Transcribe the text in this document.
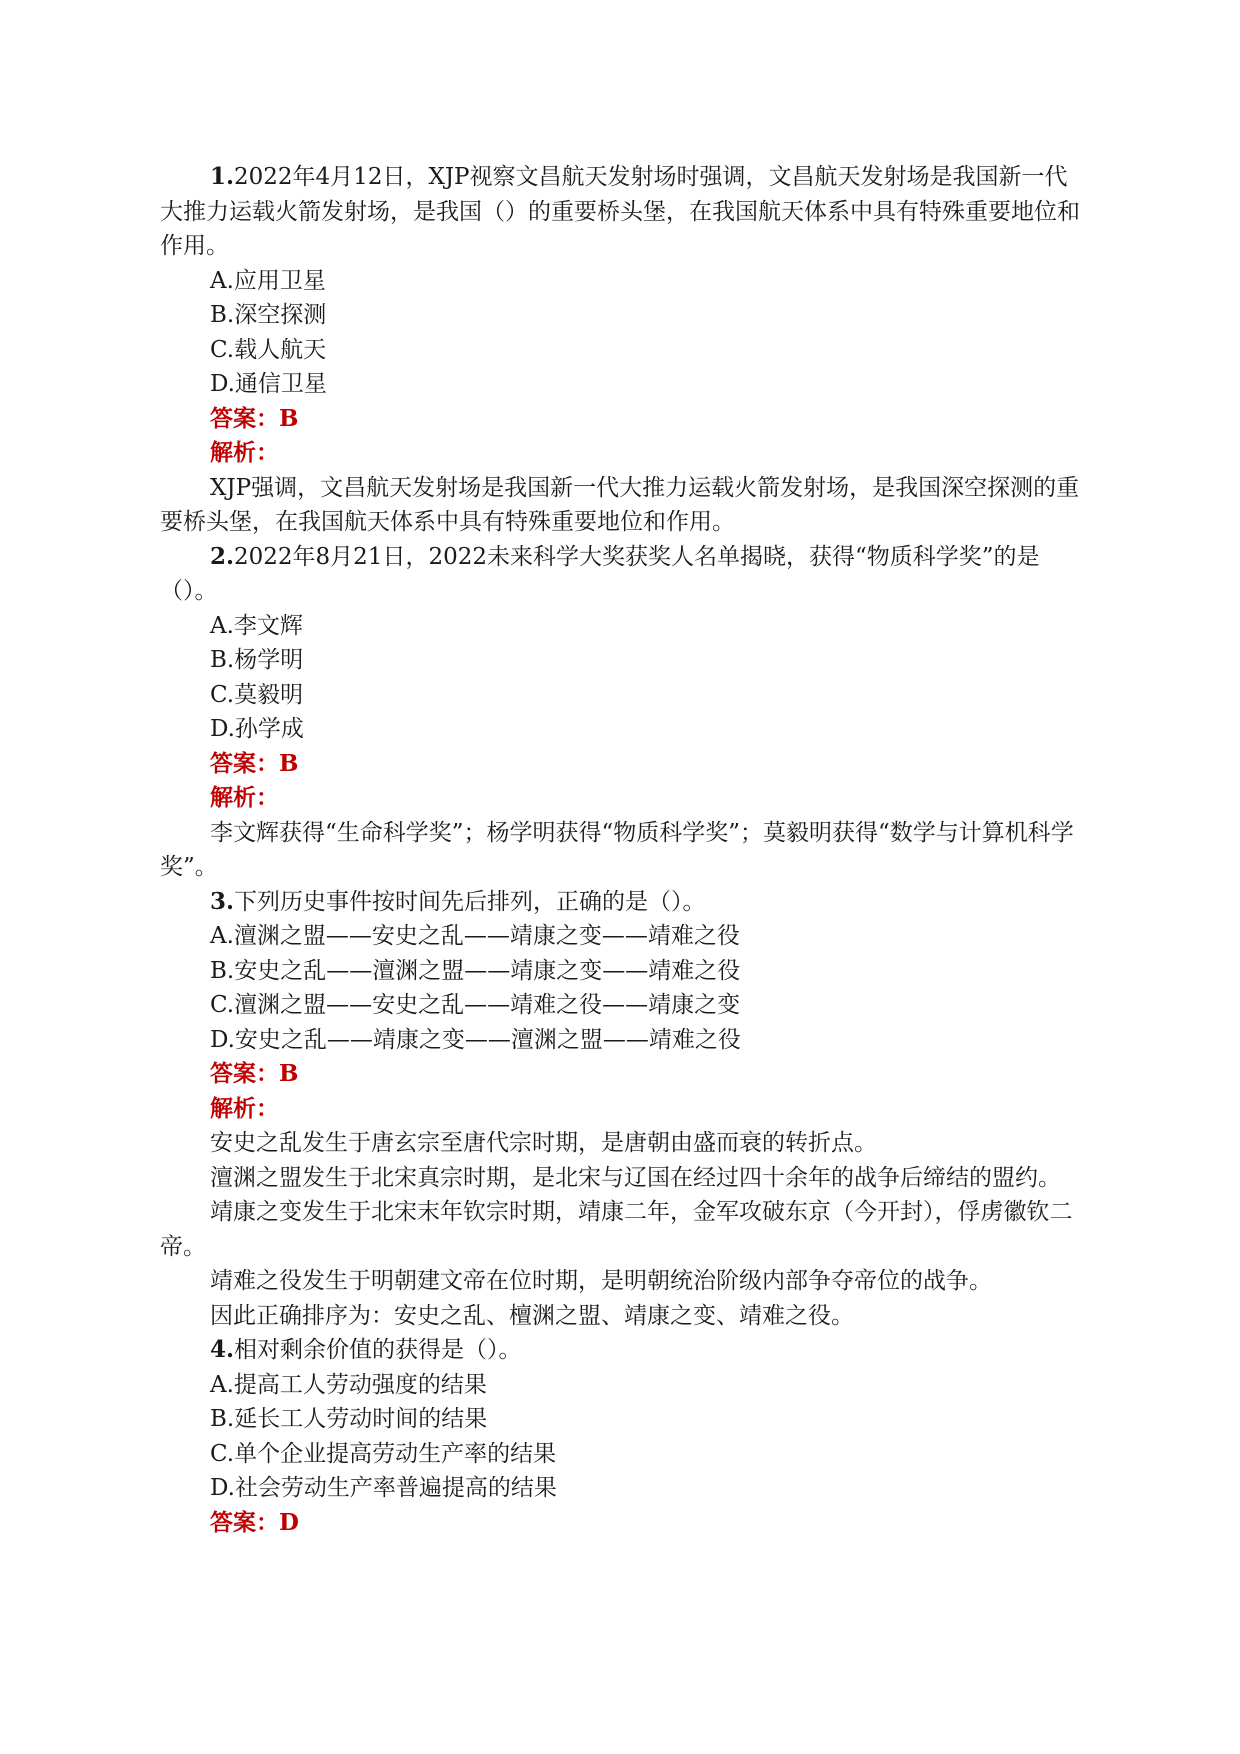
1.2022年4月12日，XJP视察文昌航天发射场时强调，文昌航天发射场是我国新一代大推力运载火箭发射场，是我国（）的重要桥头堡，在我国航天体系中具有特殊重要地位和作用。

A.应用卫星

B.深空探测

C.载人航天

D.通信卫星

答案：B

解析：

XJP强调，文昌航天发射场是我国新一代大推力运载火箭发射场，是我国深空探测的重要桥头堡，在我国航天体系中具有特殊重要地位和作用。

2.2022年8月21日，2022未来科学大奖获奖人名单揭晓，获得“物质科学奖”的是（）。

A.李文辉

B.杨学明

C.莫毅明

D.孙学成

答案：B

解析：

李文辉获得“生命科学奖”；杨学明获得“物质科学奖”；莫毅明获得“数学与计算机科学奖”。

3.下列历史事件按时间先后排列，正确的是（）。

A.澶渊之盟——安史之乱——靖康之变——靖难之役

B.安史之乱——澶渊之盟——靖康之变——靖难之役

C.澶渊之盟——安史之乱——靖难之役——靖康之变

D.安史之乱——靖康之变——澶渊之盟——靖难之役

答案：B

解析：

安史之乱发生于唐玄宗至唐代宗时期，是唐朝由盛而衰的转折点。

澶渊之盟发生于北宋真宗时期，是北宋与辽国在经过四十余年的战争后缔结的盟约。

靖康之变发生于北宋末年钦宗时期，靖康二年，金军攻破东京（今开封），俘虏徽钦二帝。

靖难之役发生于明朝建文帝在位时期，是明朝统治阶级内部争夺帝位的战争。

因此正确排序为：安史之乱、檀渊之盟、靖康之变、靖难之役。

4.相对剩余价值的获得是（）。

A.提高工人劳动强度的结果

B.延长工人劳动时间的结果

C.单个企业提高劳动生产率的结果

D.社会劳动生产率普遍提高的结果

答案：D
